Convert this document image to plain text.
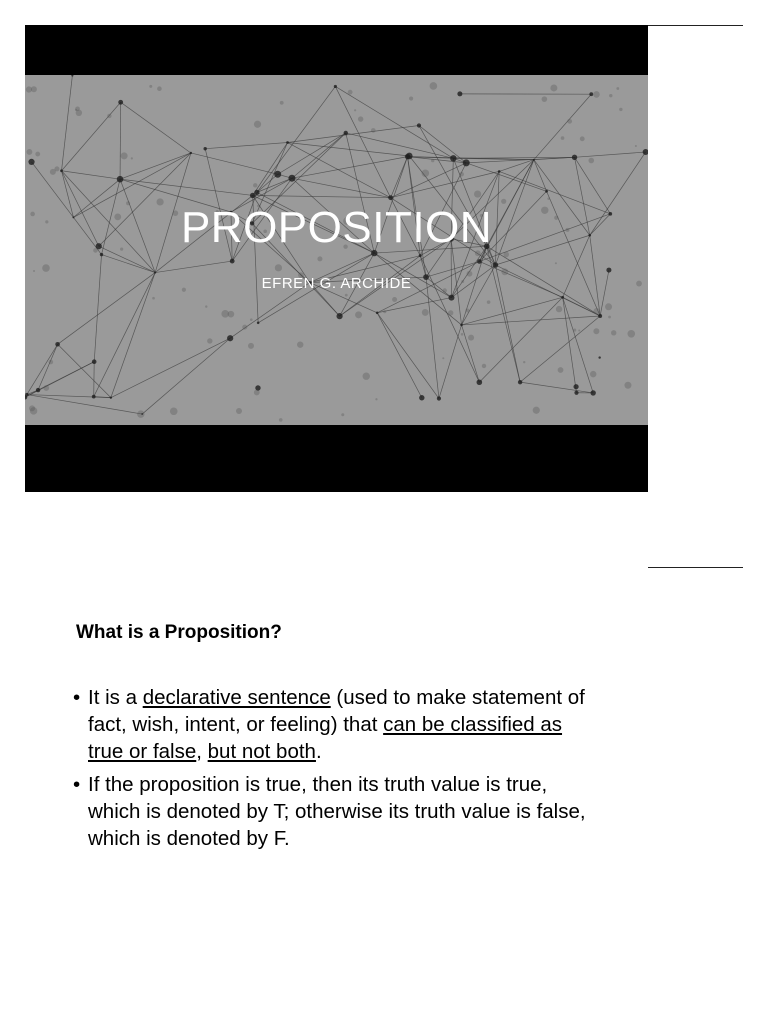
PROPOSITION
EFREN G. ARCHIDE
What is a Proposition?
• It is a declarative sentence (used to make statement of fact, wish, intent, or feeling) that can be classified as true or false, but not both.
• If the proposition is true, then its truth value is true, which is denoted by T; otherwise its truth value is false, which is denoted by F.
